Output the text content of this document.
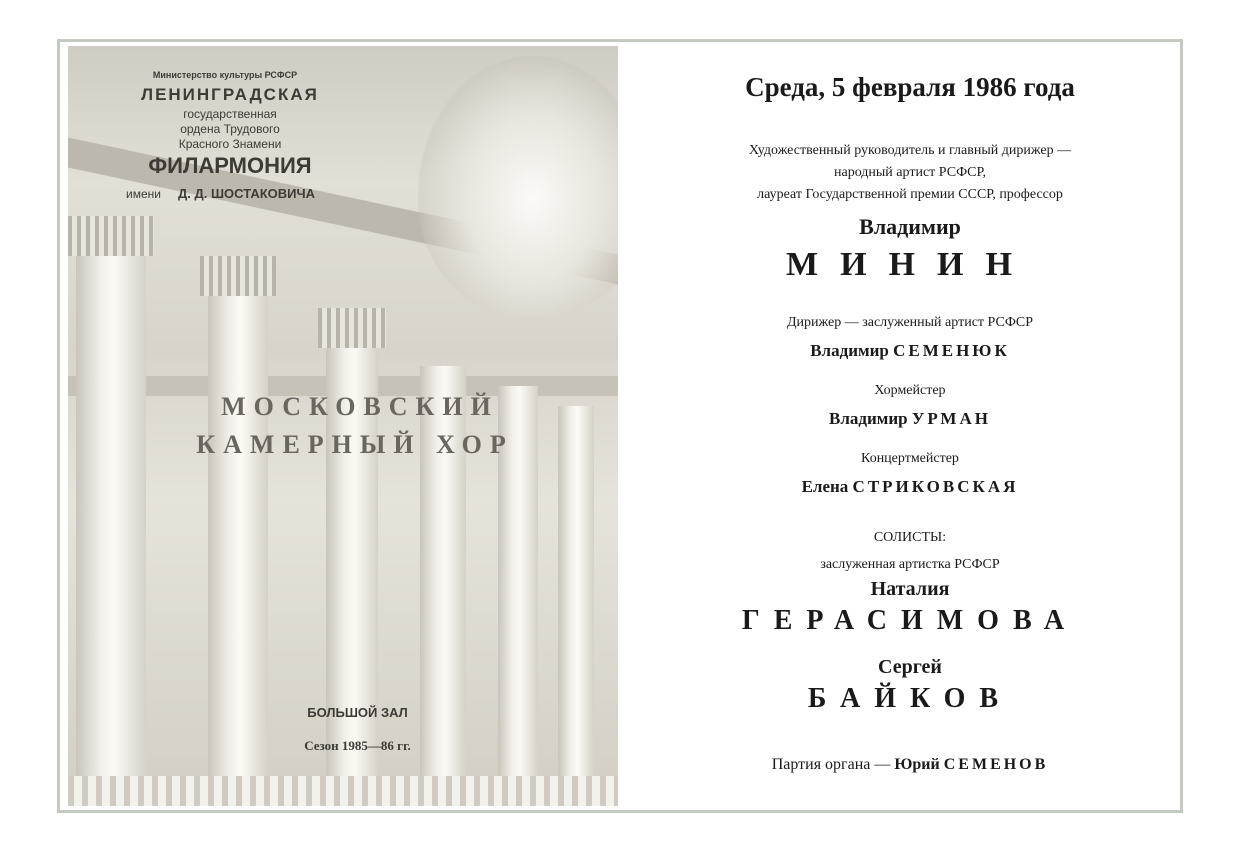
Министерство культуры РСФСР
ЛЕНИНГРАДСКАЯ
государственная
ордена Трудового
Красного Знамени
ФИЛАРМОНИЯ
имени Д. Д. ШОСТАКОВИЧА
МОСКОВСКИЙ
КАМЕРНЫЙ ХОР
БОЛЬШОЙ ЗАЛ
Сезон 1985—86 гг.
Среда, 5 февраля 1986 года
Художественный руководитель и главный дирижер —
народный артист РСФСР,
лауреат Государственной премии СССР, профессор
Владимир
МИНИН
Дирижер — заслуженный артист РСФСР
Владимир СЕМЕНЮК
Хормейстер
Владимир УРМАН
Концертмейстер
Елена СТРИКОВСКАЯ
СОЛИСТЫ:
заслуженная артистка РСФСР
Наталия
ГЕРАСИМОВА
Сергей
БАЙКОВ
Партия органа — Юрий СЕМЕНОВ
